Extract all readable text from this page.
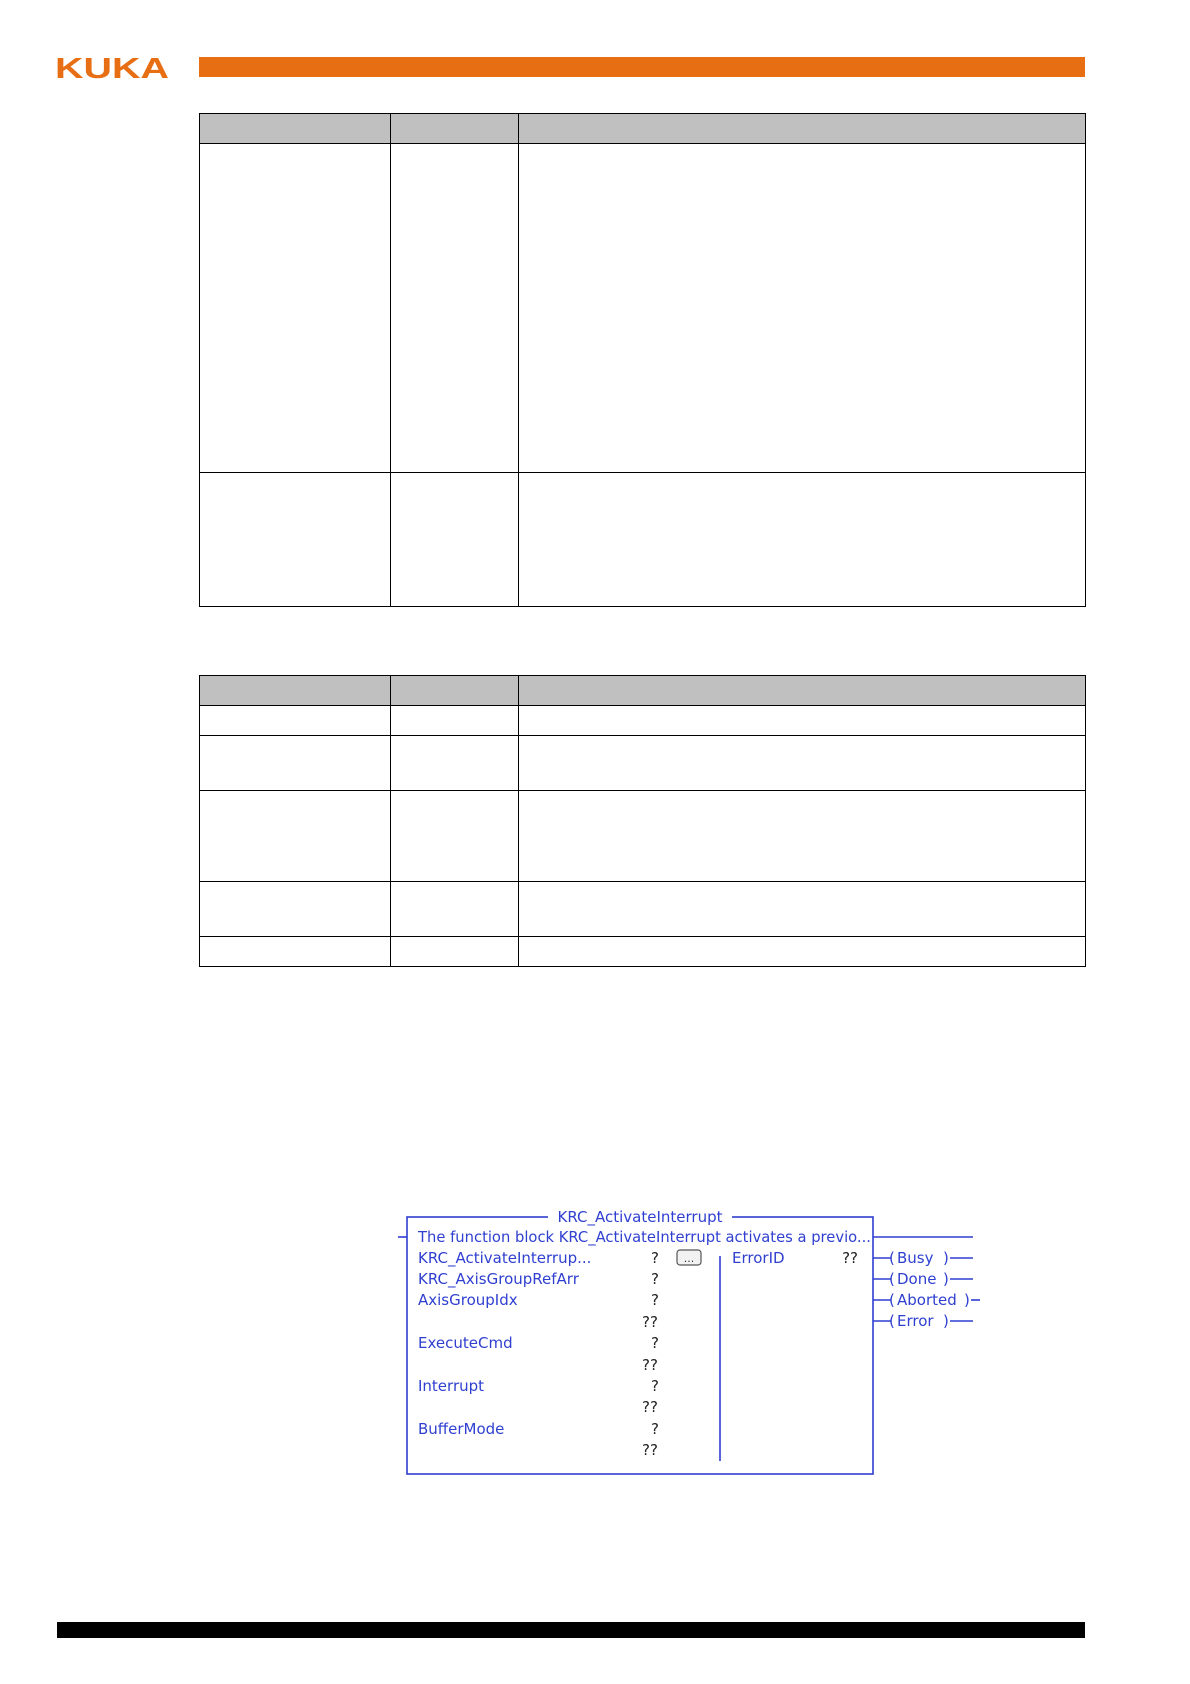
KUKA

KRC_ActivateInterrupt
The function block KRC_ActivateInterrupt activates a previo...
KRC_ActivateInterrup...
KRC_AxisGroupRefArr
AxisGroupIdx
ExecuteCmd
Interrupt
BufferMode
?
?
?
??
?
??
?
??
?
??
...	ErrorID	?? ( Busy )
( Done )
( Aborted )
( Error )
